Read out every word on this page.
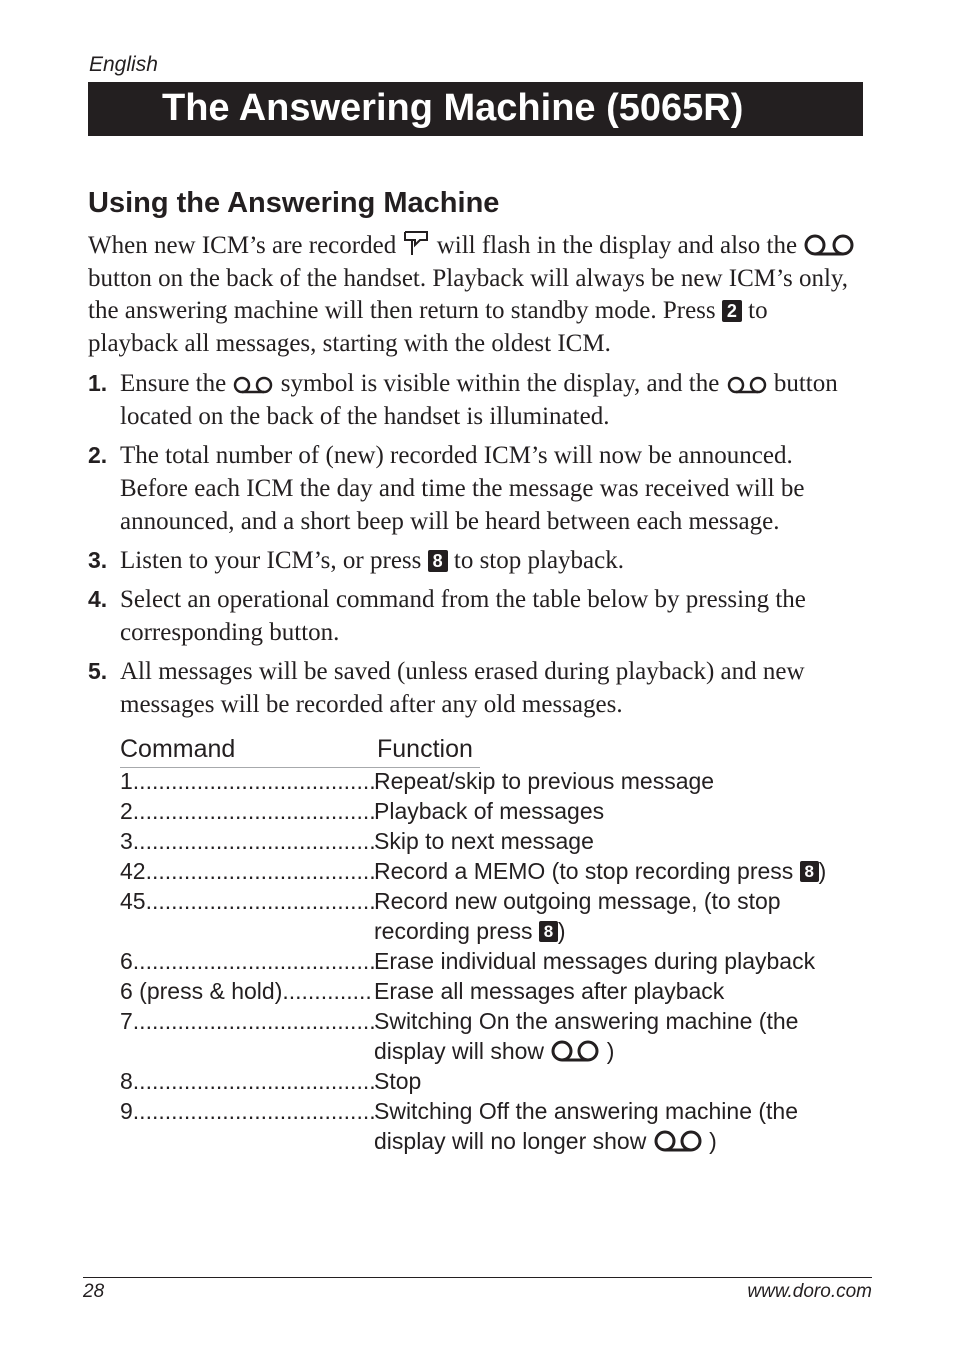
English
The Answering Machine (5065R)
Using the Answering Machine

When new ICM’s are recorded will flash in the display and also the
button on the back of the handset. Playback will always be new ICM’s only, the answering machine will then return to standby mode. Press 2 to playback all messages, starting with the oldest ICM.

1. Ensure the symbol is visible within the display, and the button located on the back of the handset is illuminated.
2. The total number of (new) recorded ICM’s will now be announced. Before each ICM the day and time the message was received will be announced, and a short beep will be heard between each message.
3. Listen to your ICM’s, or press 8 to stop playback.
4. Select an operational command from the table below by pressing the corresponding button.
5. All messages will be saved (unless erased during playback) and new messages will be recorded after any old messages.
Command	Function
1 .....	Repeat/skip to previous message
2 .....	Playback of messages
3 .....	Skip to next message
42 .....	Record a MEMO (to stop recording press 8 )
45 .....	Record new outgoing message, (to stop recording press 8 )
6 .....	Erase individual messages during playback
6 (press & hold) .....	Erase all messages after playback
7 .....	Switching On the answering machine (the display will show	)
8 .....	Stop
9 .....	Switching Off the answering machine (the display will no longer show	)
28	www.doro.com
